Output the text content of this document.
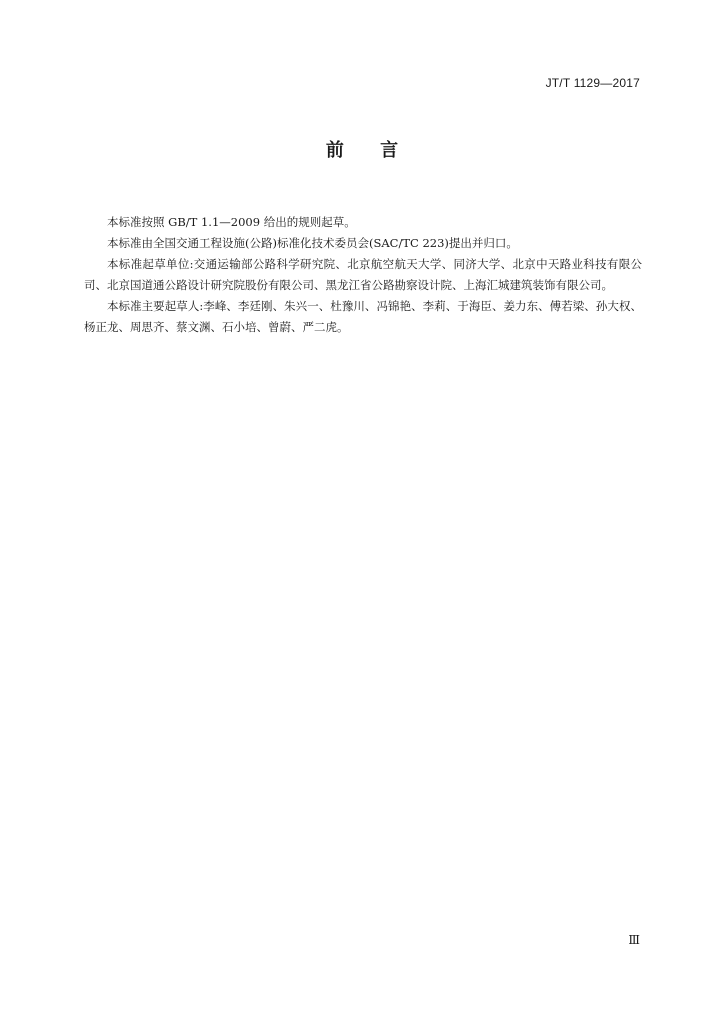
JT/T 1129—2017
前 言

本标准按照 GB/T 1.1—2009 给出的规则起草。

本标准由全国交通工程设施(公路)标准化技术委员会(SAC/TC 223)提出并归口。

本标准起草单位:交通运输部公路科学研究院、北京航空航天大学、同济大学、北京中天路业科技有限公司、北京国道通公路设计研究院股份有限公司、黑龙江省公路勘察设计院、上海汇城建筑装饰有限公司。

本标准主要起草人:李峰、李廷刚、朱兴一、杜豫川、冯锦艳、李莉、于海臣、姜力东、傅若梁、孙大权、杨正龙、周思齐、蔡文渊、石小培、曾蔚、严二虎。

Ⅲ
